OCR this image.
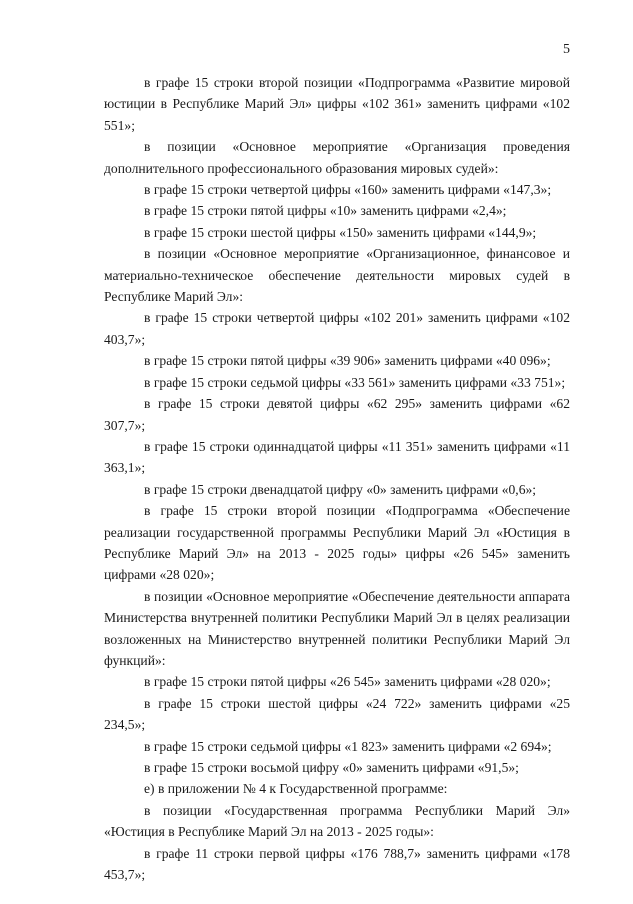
5

в графе 15 строки второй позиции «Подпрограмма «Развитие мировой юстиции в Республике Марий Эл» цифры «102 361» заменить цифрами «102 551»;

в позиции «Основное мероприятие «Организация проведения дополнительного профессионального образования мировых судей»:

в графе 15 строки четвертой цифры «160» заменить цифрами «147,3»;

в графе 15 строки пятой цифры «10» заменить цифрами «2,4»;

в графе 15 строки шестой цифры «150» заменить цифрами «144,9»;

в позиции «Основное мероприятие «Организационное, финансовое и материально-техническое обеспечение деятельности мировых судей в Республике Марий Эл»:

в графе 15 строки четвертой цифры «102 201» заменить цифрами «102 403,7»;

в графе 15 строки пятой цифры «39 906» заменить цифрами «40 096»;

в графе 15 строки седьмой цифры «33 561» заменить цифрами «33 751»;

в графе 15 строки девятой цифры «62 295» заменить цифрами «62 307,7»;

в графе 15 строки одиннадцатой цифры «11 351» заменить цифрами «11 363,1»;

в графе 15 строки двенадцатой цифру «0» заменить цифрами «0,6»;

в графе 15 строки второй позиции «Подпрограмма «Обеспечение реализации государственной программы Республики Марий Эл «Юстиция в Республике Марий Эл» на 2013 - 2025 годы» цифры «26 545» заменить цифрами «28 020»;

в позиции «Основное мероприятие «Обеспечение деятельности аппарата Министерства внутренней политики Республики Марий Эл в целях реализации возложенных на Министерство внутренней политики Республики Марий Эл функций»:

в графе 15 строки пятой цифры «26 545» заменить цифрами «28 020»;

в графе 15 строки шестой цифры «24 722» заменить цифрами «25 234,5»;

в графе 15 строки седьмой цифры «1 823» заменить цифрами «2 694»;

в графе 15 строки восьмой цифру «0» заменить цифрами «91,5»;

е) в приложении № 4 к Государственной программе:

в позиции «Государственная программа Республики Марий Эл» «Юстиция в Республике Марий Эл на 2013 - 2025 годы»:

в графе 11 строки первой цифры «176 788,7» заменить цифрами «178 453,7»;
